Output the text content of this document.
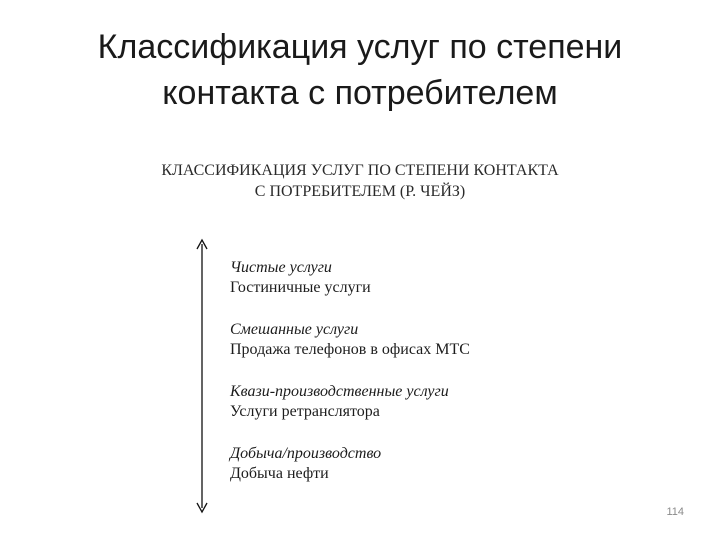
Классификация услуг по степени
контакта с потребителем
КЛАССИФИКАЦИЯ УСЛУГ ПО СТЕПЕНИ КОНТАКТА
С ПОТРЕБИТЕЛЕМ (Р. ЧЕЙЗ)
Чистые услуги
Гостиничные услуги
Смешанные услуги
Продажа телефонов в офисах МТС
Квази-производственные услуги
Услуги ретранслятора
Добыча/производство
Добыча нефти
114
